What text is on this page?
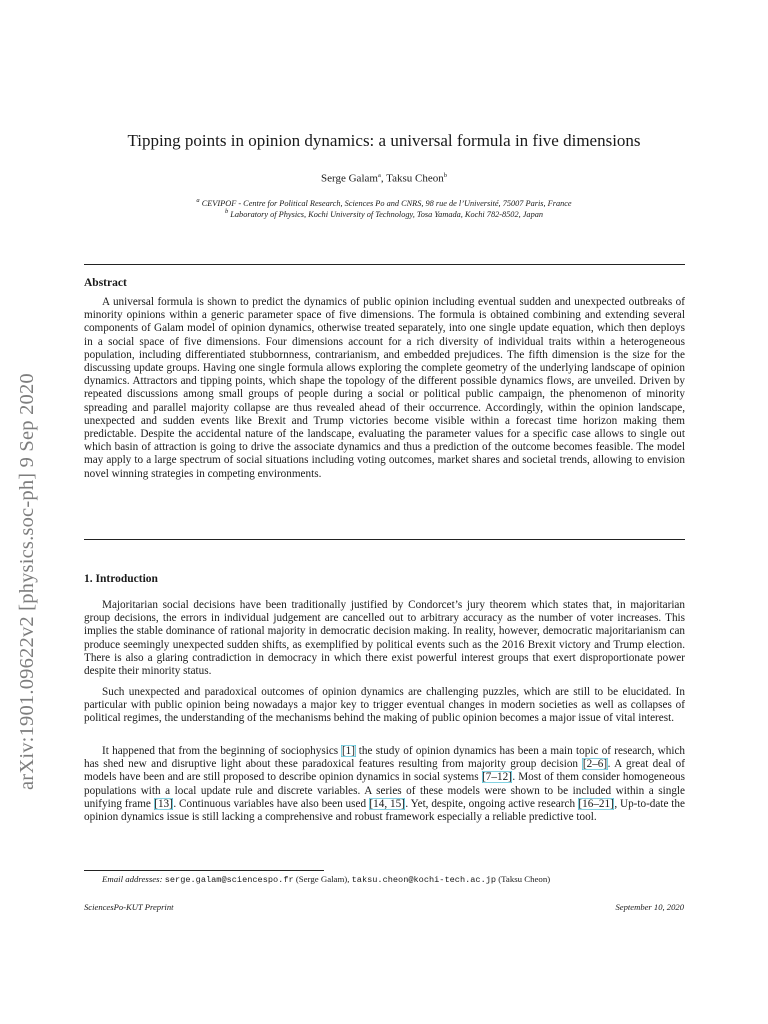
arXiv:1901.09622v2 [physics.soc-ph] 9 Sep 2020
Tipping points in opinion dynamics: a universal formula in five dimensions
Serge Galam$^a$, Taksu Cheon$^b$
$^a$ CEVIPOF - Centre for Political Research, Sciences Po and CNRS, 98 rue de l’Université, 75007 Paris, France
$^b$ Laboratory of Physics, Kochi University of Technology, Tosa Yamada, Kochi 782-8502, Japan
Abstract

A universal formula is shown to predict the dynamics of public opinion including eventual sudden and unexpected outbreaks of minority opinions within a generic parameter space of five dimensions. The formula is obtained combining and extending several components of Galam model of opinion dynamics, otherwise treated separately, into one single update equation, which then deploys in a social space of five dimensions. Four dimensions account for a rich diversity of individual traits within a heterogeneous population, including differentiated stubbornness, contrarianism, and embedded prejudices. The fifth dimension is the size for the discussing update groups. Having one single formula allows exploring the complete geometry of the underlying landscape of opinion dynamics. Attractors and tipping points, which shape the topology of the different possible dynamics flows, are unveiled. Driven by repeated discussions among small groups of people during a social or political public campaign, the phenomenon of minority spreading and parallel majority collapse are thus revealed ahead of their occurrence. Accordingly, within the opinion landscape, unexpected and sudden events like Brexit and Trump victories become visible within a forecast time horizon making them predictable. Despite the accidental nature of the landscape, evaluating the parameter values for a specific case allows to single out which basin of attraction is going to drive the associate dynamics and thus a prediction of the outcome becomes feasible. The model may apply to a large spectrum of social situations including voting outcomes, market shares and societal trends, allowing to envision novel winning strategies in competing environments.

1. Introduction

Majoritarian social decisions have been traditionally justified by Condorcet’s jury theorem which states that, in majoritarian group decisions, the errors in individual judgement are cancelled out to arbitrary accuracy as the number of voter increases. This implies the stable dominance of rational majority in democratic decision making. In reality, however, democratic majoritarianism can produce seemingly unexpected sudden shifts, as exemplified by political events such as the 2016 Brexit victory and Trump election. There is also a glaring contradiction in democracy in which there exist powerful interest groups that exert disproportionate power despite their minority status.

Such unexpected and paradoxical outcomes of opinion dynamics are challenging puzzles, which are still to be elucidated. In particular with public opinion being nowadays a major key to trigger eventual changes in modern societies as well as collapses of political regimes, the understanding of the mechanisms behind the making of public opinion becomes a major issue of vital interest.

It happened that from the beginning of sociophysics [1] the study of opinion dynamics has been a main topic of research, which has shed new and disruptive light about these paradoxical features resulting from majority group decision [2–6]. A great deal of models have been and are still proposed to describe opinion dynamics in social systems [7–12]. Most of them consider homogeneous populations with a local update rule and discrete variables. A series of these models were shown to be included within a single unifying frame [13]. Continuous variables have also been used [14, 15]. Yet, despite, ongoing active research [16–21], Up-to-date the opinion dynamics issue is still lacking a comprehensive and robust framework especially a reliable predictive tool.

Email addresses: serge.galam@sciencespo.fr (Serge Galam), taksu.cheon@kochi-tech.ac.jp (Taksu Cheon)
SciencesPo-KUT Preprint	September 10, 2020
